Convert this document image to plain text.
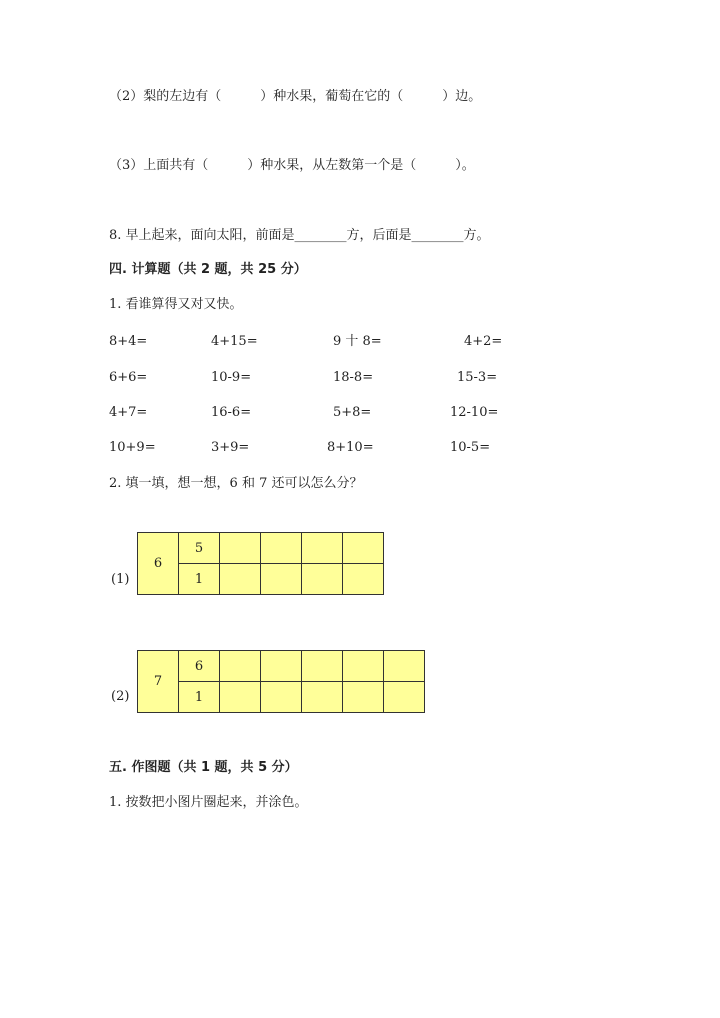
（2）梨的左边有（　　　）种水果，葡萄在它的（　　　）边。
（3）上面共有（　　　）种水果，从左数第一个是（　　　）。
8. 早上起来，面向太阳，前面是________方，后面是________方。
四. 计算题（共 2 题，共 25 分）
1. 看谁算得又对又快。
8+4=	4+15=	9 十 8=	4+2=
6+6=	10-9=	18-8=	15-3=
4+7=	16-6=	5+8=	12-10=
10+9=	3+9=	8+10=	10-5=
2. 填一填，想一想，6 和 7 还可以怎么分？
(1)
6	5				
	1				
(2)
7	6					
	1					
五. 作图题（共 1 题，共 5 分）
1. 按数把小图片圈起来，并涂色。
